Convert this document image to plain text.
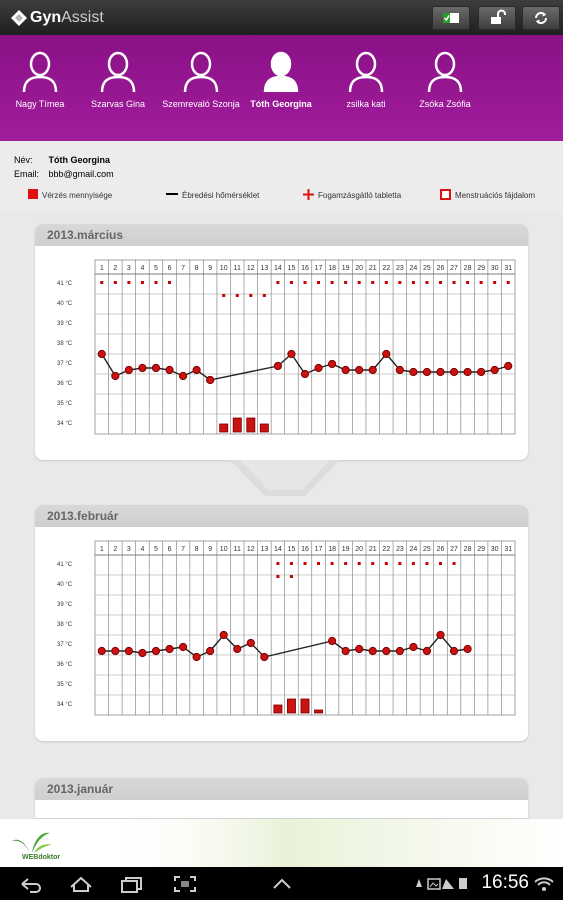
GynAssist
Nagy Tímea	Szarvas Gina	Szemrevaló Szonja	Tóth Georgina	zsilka kati	Zsóka Zsófia
Név: Tóth Georgina
Email: bbb@gmail.com
Vérzés mennyisége	Ébredési hőmérséklet	Fogamzásgátló tabletta	Menstruációs fájdalom
2013.március
1 2 3 4 5 6 7 8 9 10 11 12 13 14 15 16 17 18 19 20 21 22 23 24 25 26 27 28 29 30 31
41 °C
40 °C
39 °C
38 °C
37 °C
36 °C
35 °C
34 °C
2013.február
1 2 3 4 5 6 7 8 9 10 11 12 13 14 15 16 17 18 19 20 21 22 23 24 25 26 27 28 29 30 31
41 °C
40 °C
39 °C
38 °C
37 °C
36 °C
35 °C
34 °C
2013.január
WEBdoktor
16:56
